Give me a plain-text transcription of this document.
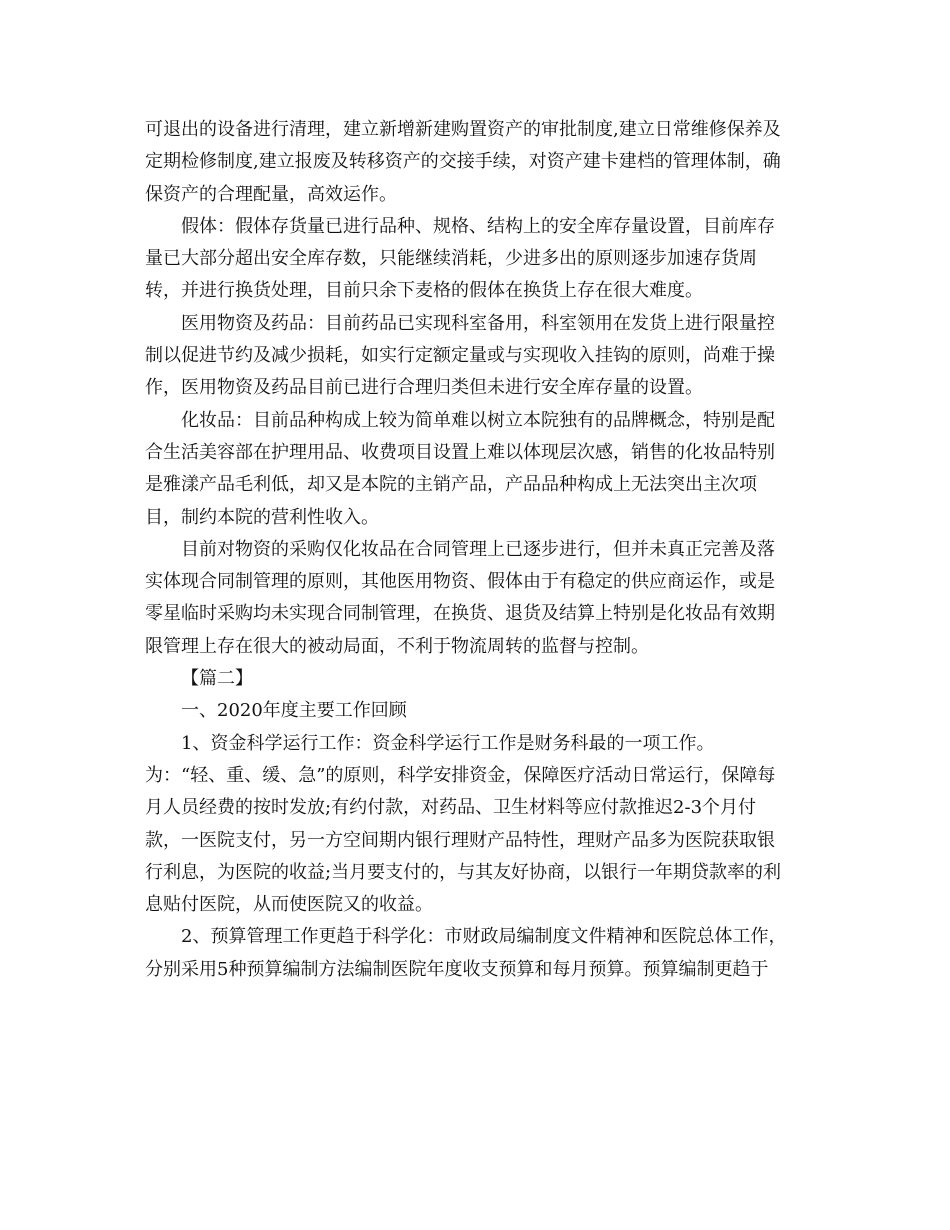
可退出的设备进行清理，建立新增新建购置资产的审批制度,建立日常维修保养及
定期检修制度,建立报废及转移资产的交接手续，对资产建卡建档的管理体制，确
保资产的合理配量，高效运作。

假体：假体存货量已进行品种、规格、结构上的安全库存量设置，目前库存
量已大部分超出安全库存数，只能继续消耗，少进多出的原则逐步加速存货周
转，并进行换货处理，目前只余下麦格的假体在换货上存在很大难度。

医用物资及药品：目前药品已实现科室备用，科室领用在发货上进行限量控
制以促进节约及减少损耗，如实行定额定量或与实现收入挂钩的原则，尚难于操
作，医用物资及药品目前已进行合理归类但未进行安全库存量的设置。

化妆品：目前品种构成上较为简单难以树立本院独有的品牌概念，特别是配
合生活美容部在护理用品、收费项目设置上难以体现层次感，销售的化妆品特别
是雅漾产品毛利低，却又是本院的主销产品，产品品种构成上无法突出主次项
目，制约本院的营利性收入。

目前对物资的采购仅化妆品在合同管理上已逐步进行，但并未真正完善及落
实体现合同制管理的原则，其他医用物资、假体由于有稳定的供应商运作，或是
零星临时采购均未实现合同制管理，在换货、退货及结算上特别是化妆品有效期
限管理上存在很大的被动局面，不利于物流周转的监督与控制。

【篇二】

一、2020年度主要工作回顾

1、资金科学运行工作：资金科学运行工作是财务科最的一项工作。

为：“轻、重、缓、急”的原则，科学安排资金，保障医疗活动日常运行，保障每
月人员经费的按时发放;有约付款，对药品、卫生材料等应付款推迟2-3个月付
款，一医院支付，另一方空间期内银行理财产品特性，理财产品多为医院获取银
行利息，为医院的收益;当月要支付的，与其友好协商，以银行一年期贷款率的利
息贴付医院，从而使医院又的收益。

2、预算管理工作更趋于科学化：市财政局编制度文件精神和医院总体工作，
分别采用5种预算编制方法编制医院年度收支预算和每月预算。预算编制更趋于
